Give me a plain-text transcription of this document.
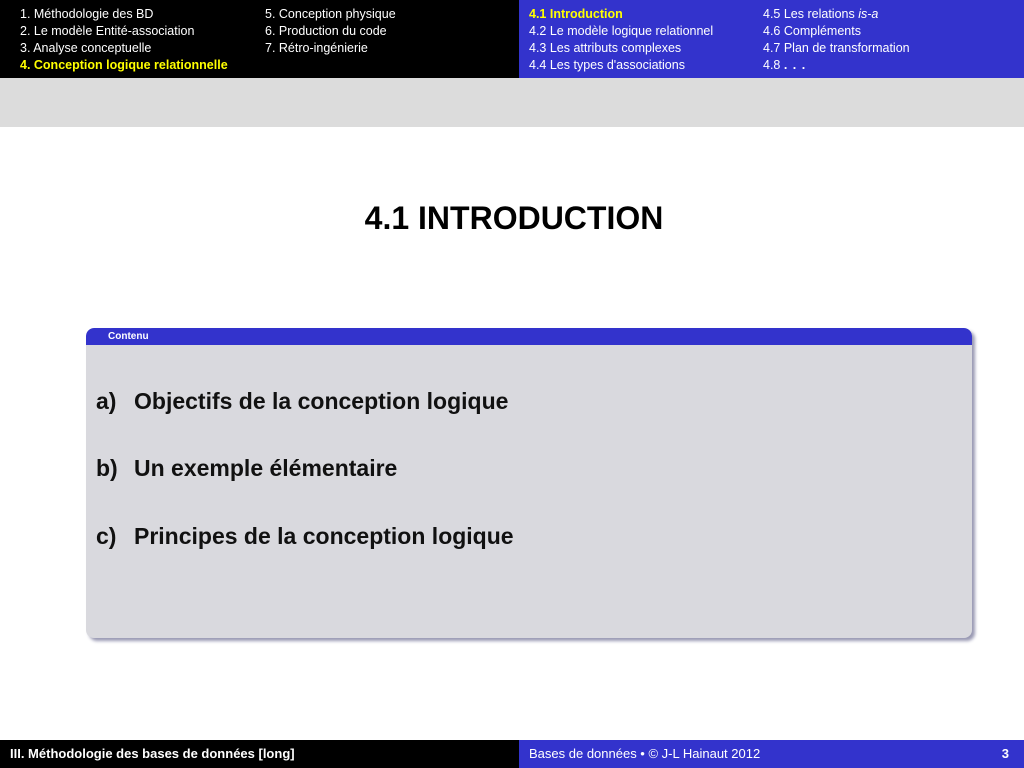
1. Méthodologie des BD
2. Le modèle Entité-association
3. Analyse conceptuelle
4. Conception logique relationnelle
5. Conception physique
6. Production du code
7. Rétro-ingénierie
4.1 Introduction
4.2 Le modèle logique relationnel
4.3 Les attributs complexes
4.4 Les types d'associations
4.5 Les relations is-a
4.6 Compléments
4.7 Plan de transformation
4.8 . . .
4.1 INTRODUCTION
Contenu
a) Objectifs de la conception logique
b) Un exemple élémentaire
c) Principes de la conception logique
III. Méthodologie des bases de données [long]	Bases de données • © J-L Hainaut 2012	3
